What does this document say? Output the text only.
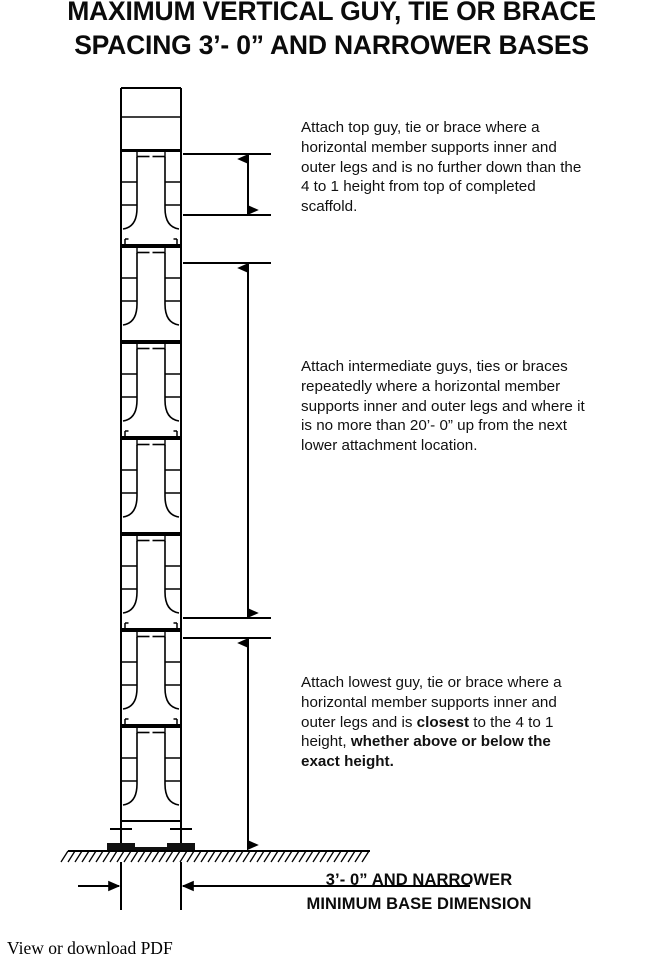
MAXIMUM VERTICAL GUY, TIE OR BRACE
SPACING 3’- 0” AND NARROWER BASES
Attach top guy, tie or brace where a horizontal member supports inner and outer legs and is no further down than the 4 to 1 height from top of completed scaffold.
Attach intermediate guys, ties or braces repeatedly where a horizontal member supports inner and outer legs and where it is no more than 20’- 0” up from the next lower attachment location.
Attach lowest guy, tie or brace where a horizontal member supports inner and outer legs and is closest to the 4 to 1 height, whether above or below the exact height.
3’- 0” AND NARROWER
MINIMUM BASE DIMENSION
View or download PDF
